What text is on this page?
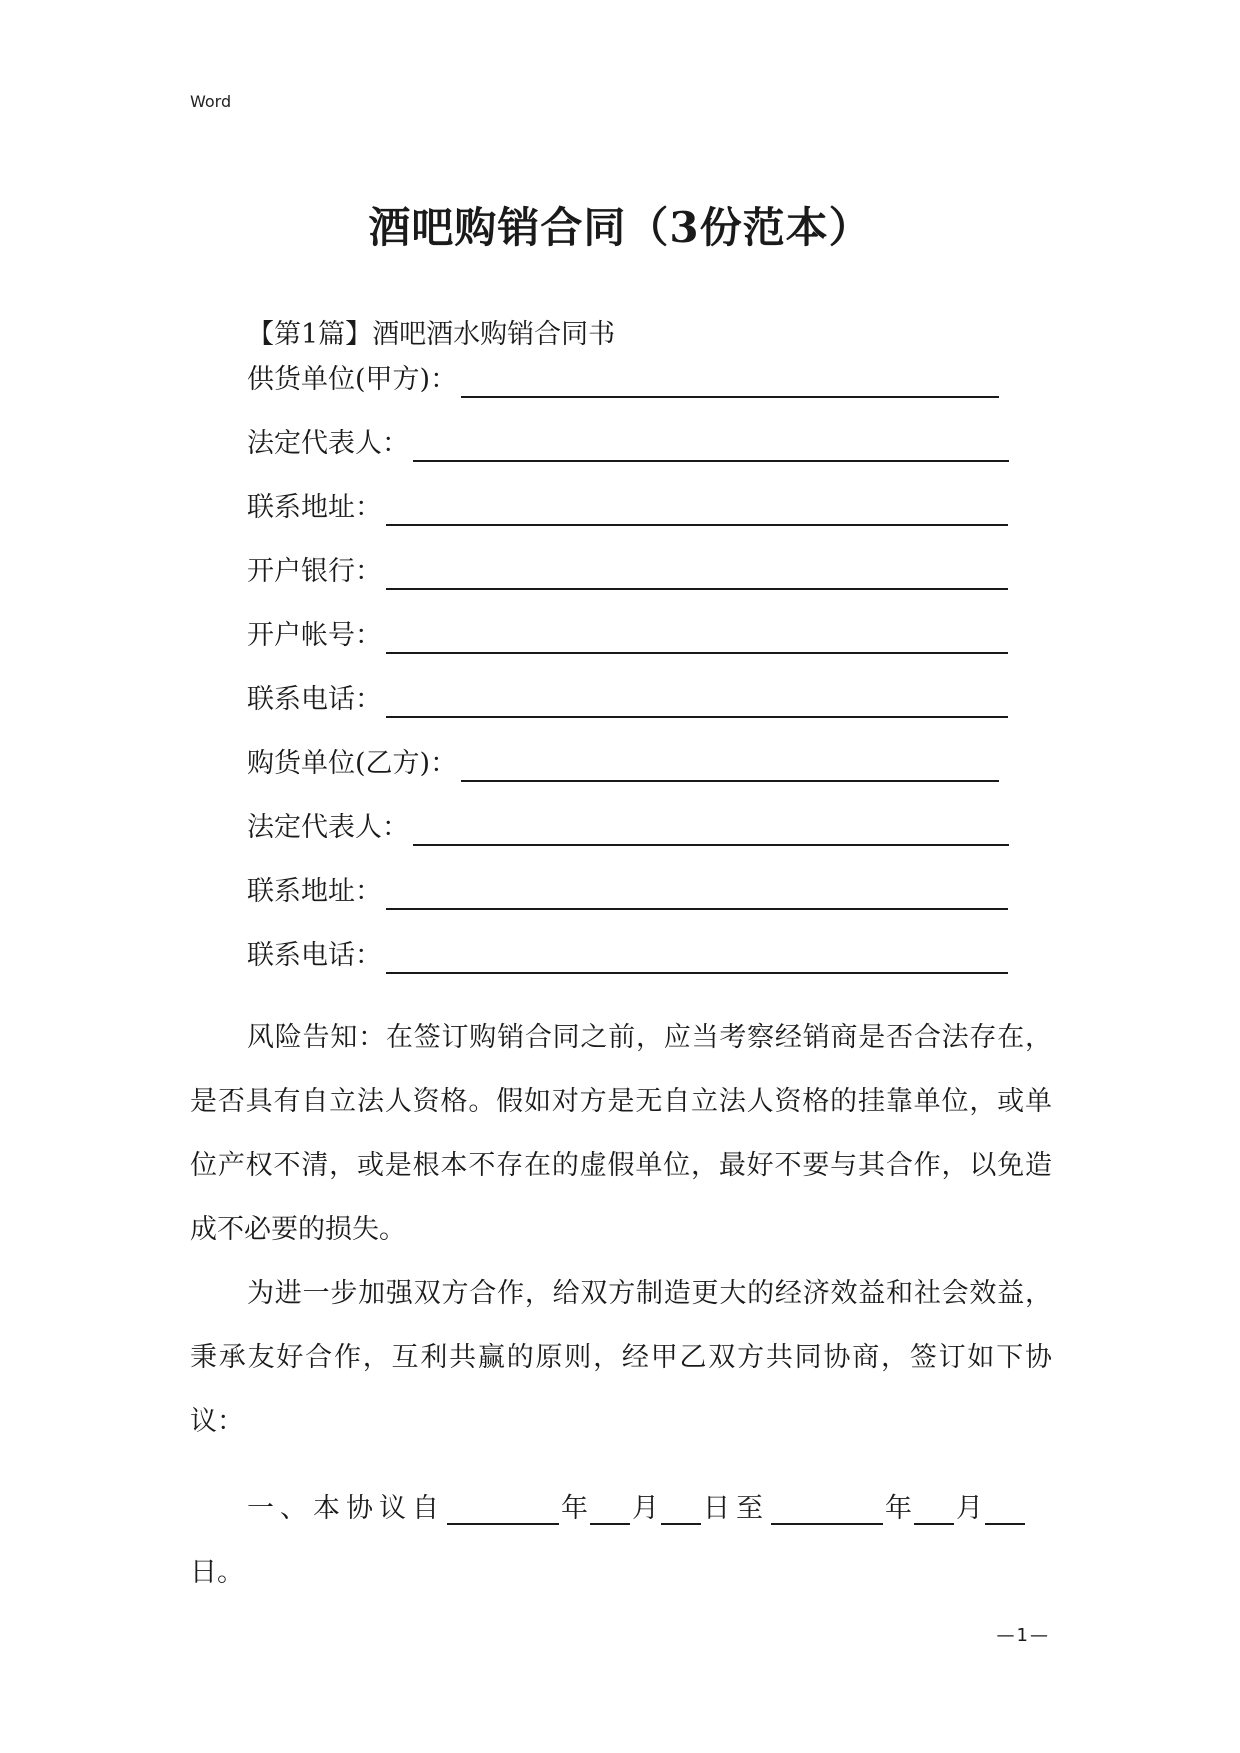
Word
酒吧购销合同（3份范本）
【第1篇】酒吧酒水购销合同书
供货单位(甲方)：
法定代表人：
联系地址：
开户银行：
开户帐号：
联系电话：
购货单位(乙方)：
法定代表人：
联系地址：
联系电话：

风险告知：在签订购销合同之前，应当考察经销商是否合法存在，是否具有自立法人资格。假如对方是无自立法人资格的挂靠单位，或单位产权不清，或是根本不存在的虚假单位，最好不要与其合作，以免造成不必要的损失。

为进一步加强双方合作，给双方制造更大的经济效益和社会效益，秉承友好合作，互利共赢的原则，经甲乙双方共同协商，签订如下协议：

一、本协议自	年 月 日至	年 月
日。
—1—
